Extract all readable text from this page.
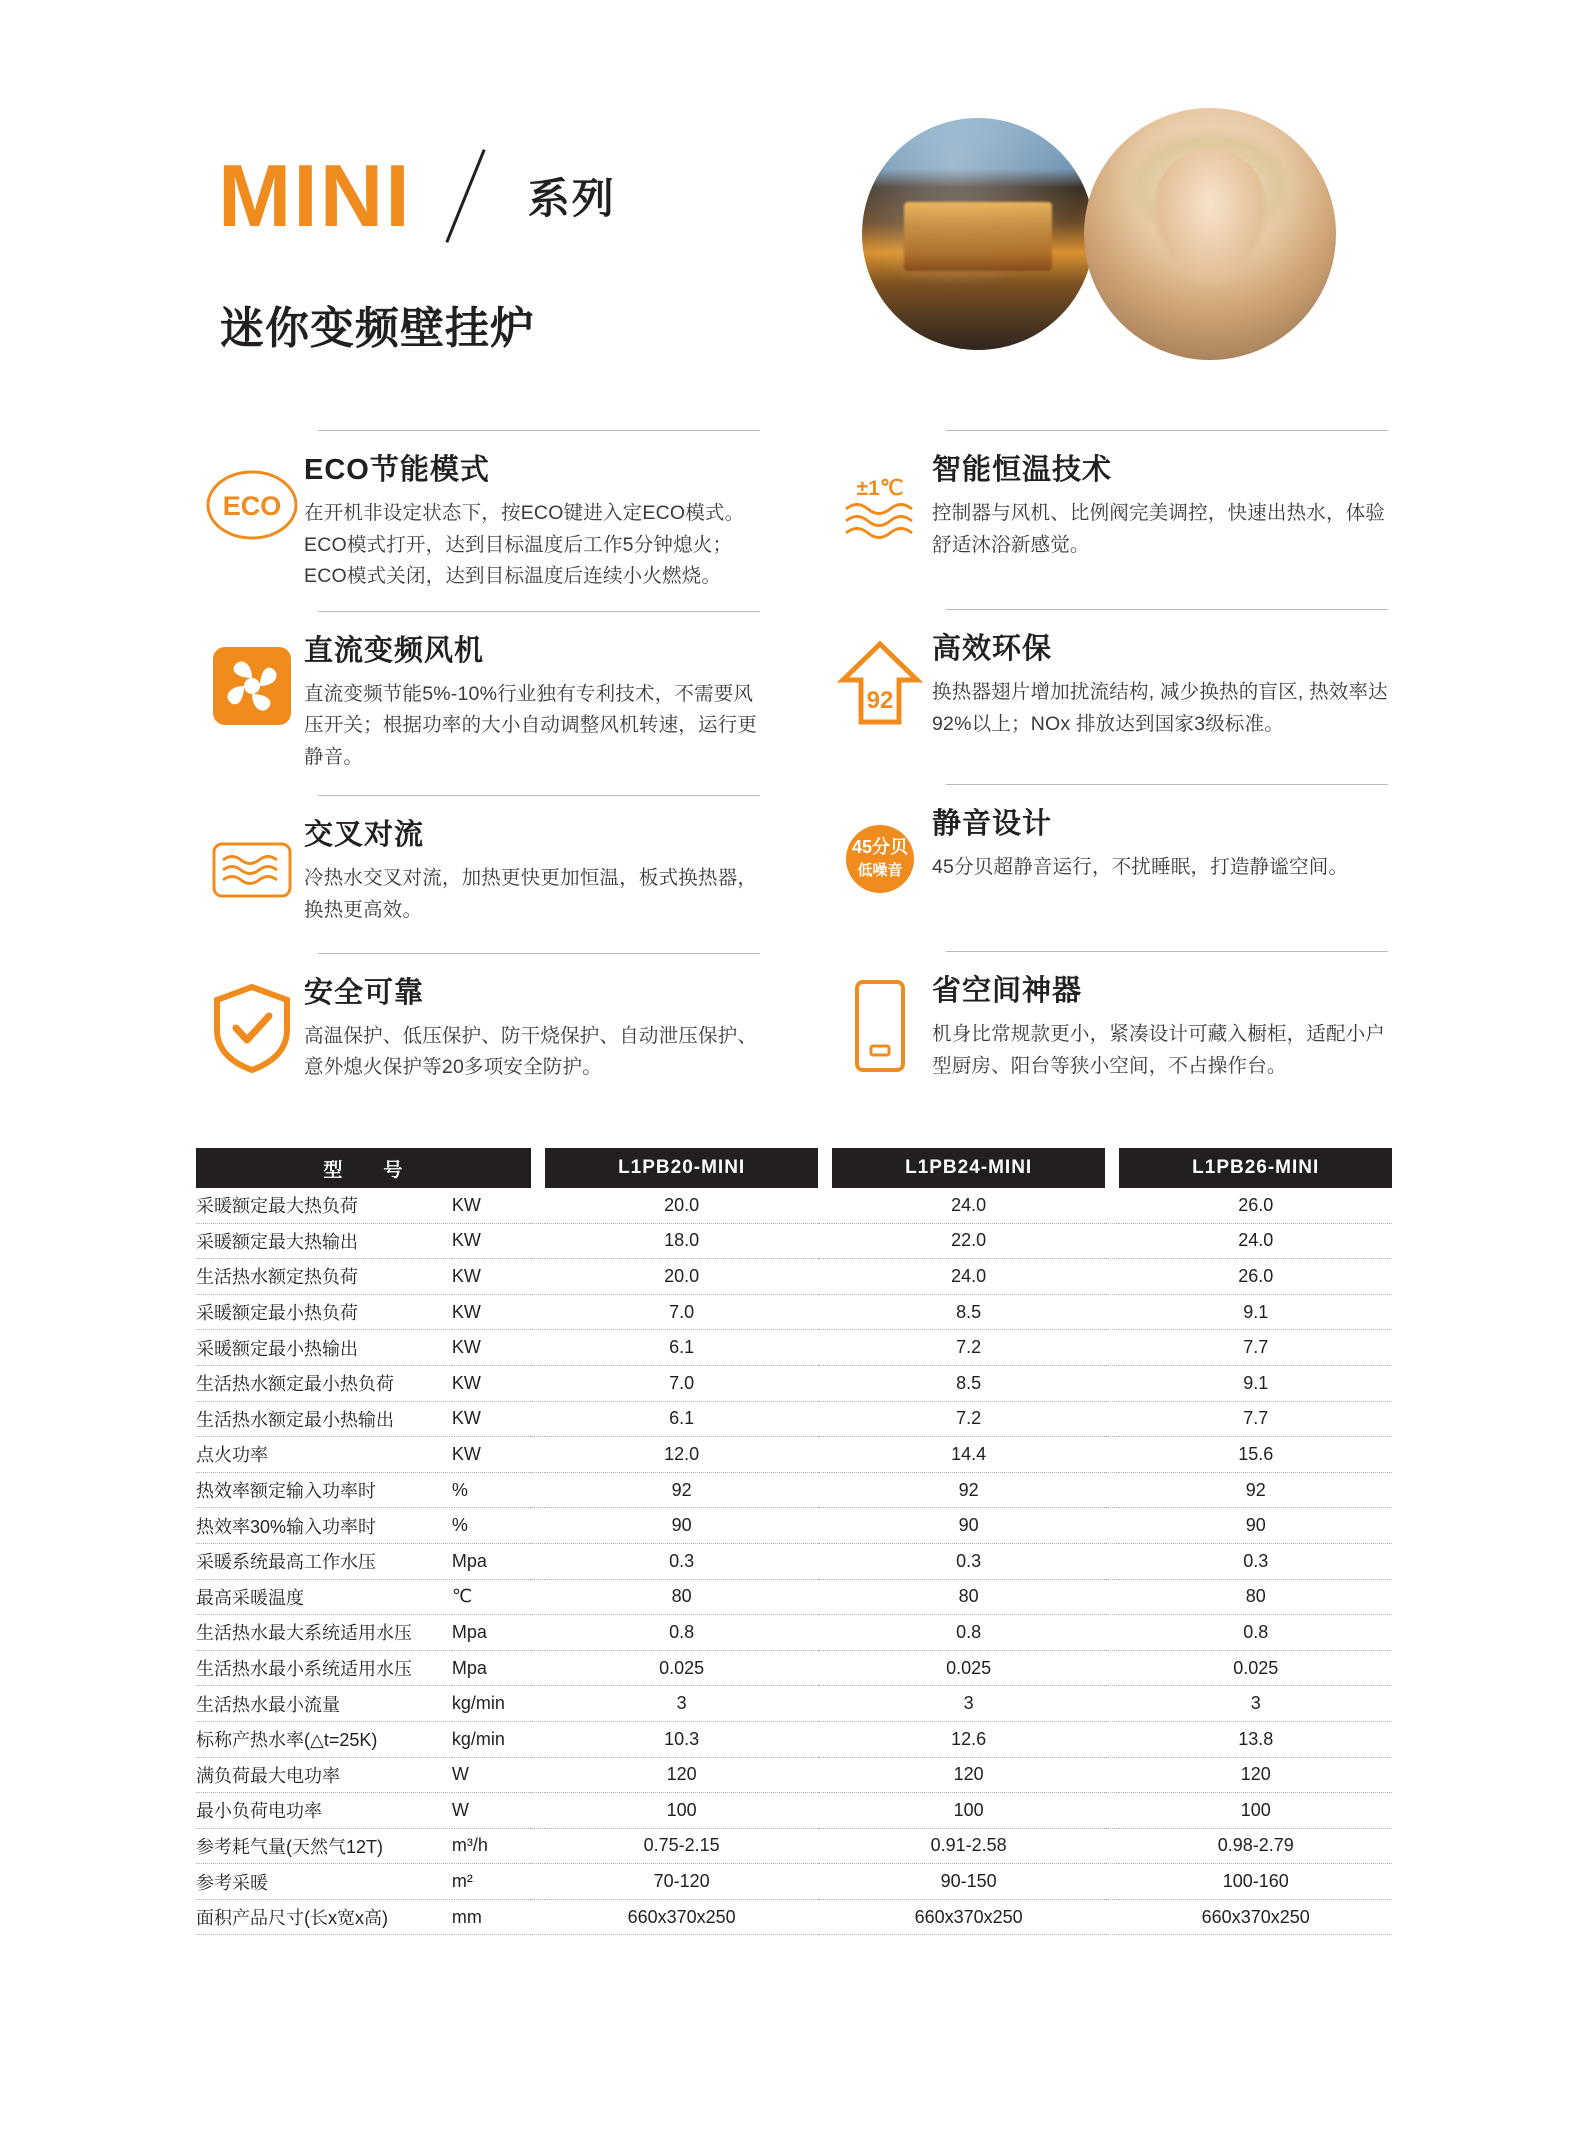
MINI	系列
迷你变频壁挂炉
ECO
ECO节能模式
在开机非设定状态下，按ECO键进入定ECO模式。ECO模式打开，达到目标温度后工作5分钟熄火；ECO模式关闭，达到目标温度后连续小火燃烧。
直流变频风机
直流变频节能5%-10%行业独有专利技术，不需要风压开关；根据功率的大小自动调整风机转速，运行更静音。
交叉对流
冷热水交叉对流，加热更快更加恒温，板式换热器，换热更高效。
安全可靠
高温保护、低压保护、防干烧保护、自动泄压保护、意外熄火保护等20多项安全防护。
±1℃
智能恒温技术
控制器与风机、比例阀完美调控，快速出热水，体验舒适沐浴新感觉。
92
高效环保
换热器翅片增加扰流结构, 减少换热的盲区, 热效率达92%以上；NOx 排放达到国家3级标准。
45分贝
低噪音
静音设计
45分贝超静音运行，不扰睡眠，打造静谧空间。
省空间神器
机身比常规款更小，紧凑设计可藏入橱柜，适配小户型厨房、阳台等狭小空间，不占操作台。
型　　号			L1PB20-MINI		L1PB24-MINI		L1PB26-MINI
采暖额定最大热负荷	KW		20.0		24.0		26.0
采暖额定最大热输出	KW		18.0		22.0		24.0
生活热水额定热负荷	KW		20.0		24.0		26.0
采暖额定最小热负荷	KW		7.0		8.5		9.1
采暖额定最小热输出	KW		6.1		7.2		7.7
生活热水额定最小热负荷	KW		7.0		8.5		9.1
生活热水额定最小热输出	KW		6.1		7.2		7.7
点火功率	KW		12.0		14.4		15.6
热效率额定输入功率时	%		92		92		92
热效率30%输入功率时	%		90		90		90
采暖系统最高工作水压	Mpa		0.3		0.3		0.3
最高采暖温度	℃		80		80		80
生活热水最大系统适用水压	Mpa		0.8		0.8		0.8
生活热水最小系统适用水压	Mpa		0.025		0.025		0.025
生活热水最小流量	kg/min		3		3		3
标称产热水率(△t=25K)	kg/min		10.3		12.6		13.8
满负荷最大电功率	W		120		120		120
最小负荷电功率	W		100		100		100
参考耗气量(天然气12T)	m³/h		0.75-2.15		0.91-2.58		0.98-2.79
参考采暖	m²		70-120		90-150		100-160
面积产品尺寸(长x宽x高)	mm		660x370x250		660x370x250		660x370x250
